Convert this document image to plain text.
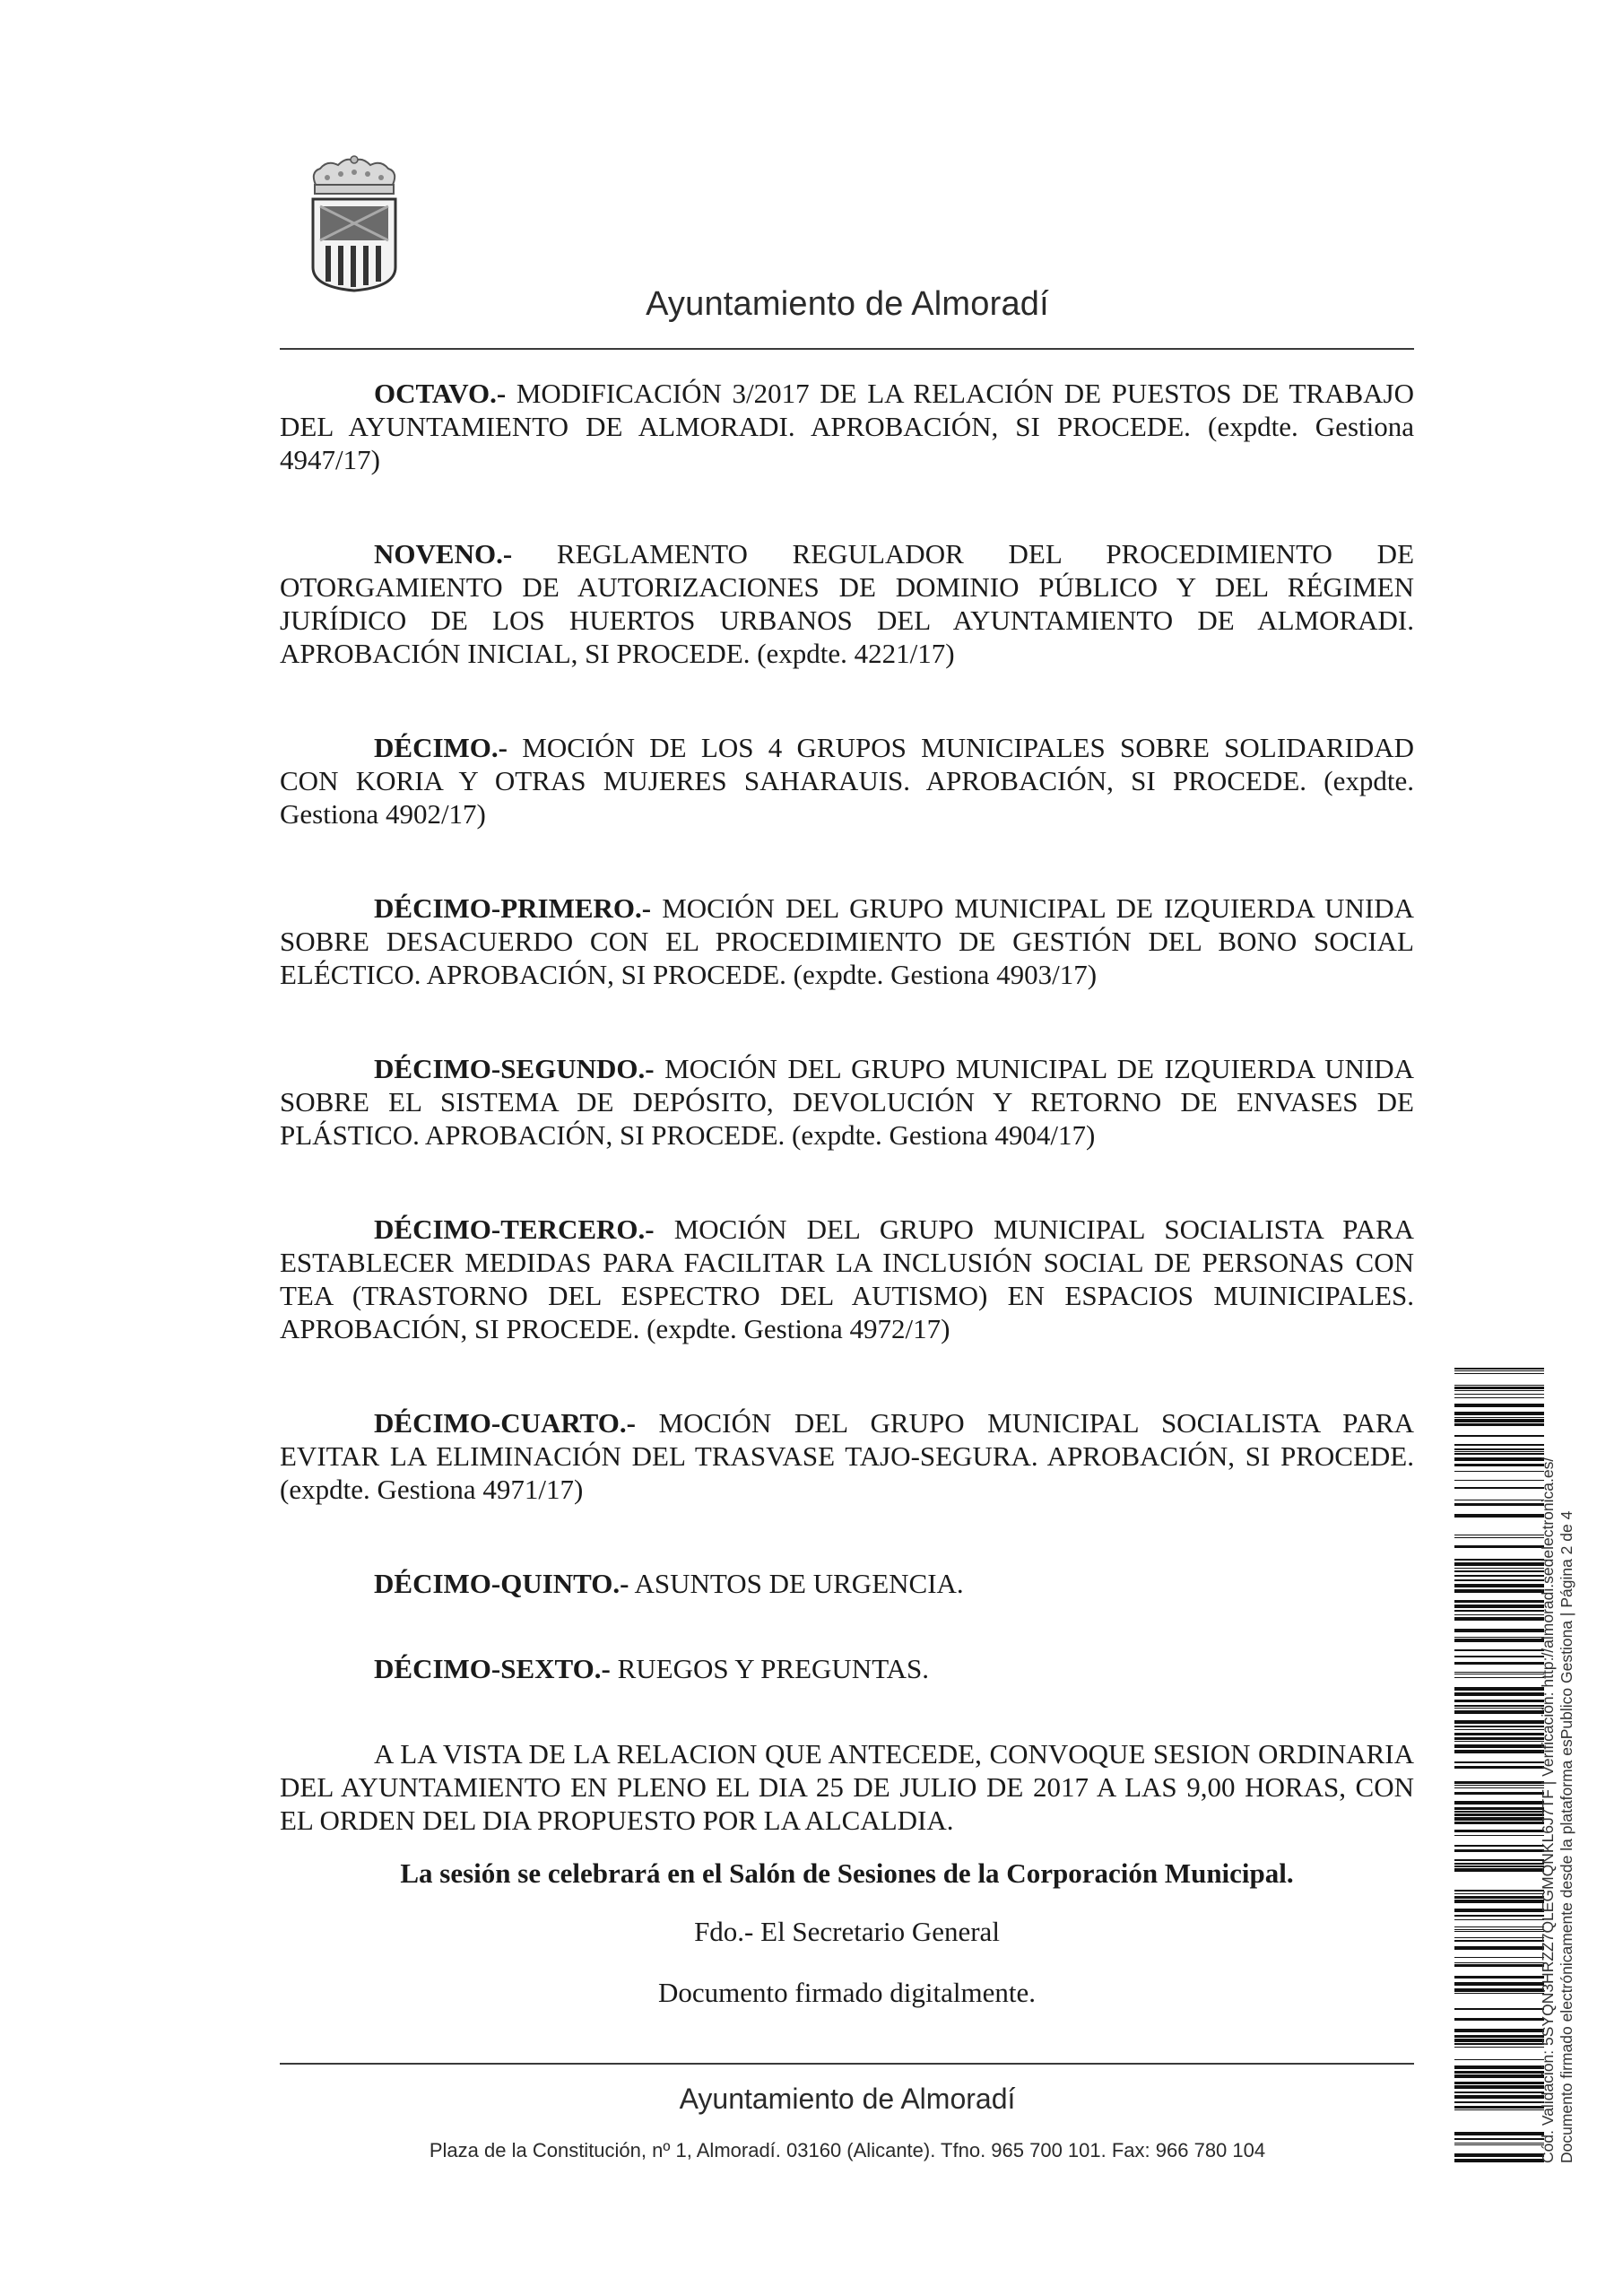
Ayuntamiento de Almoradí

OCTAVO.- MODIFICACIÓN 3/2017 DE LA RELACIÓN DE PUESTOS DE TRABAJO DEL AYUNTAMIENTO DE ALMORADI. APROBACIÓN, SI PROCEDE. (expdte. Gestiona 4947/17)

NOVENO.- REGLAMENTO REGULADOR DEL PROCEDIMIENTO DE OTORGAMIENTO DE AUTORIZACIONES DE DOMINIO PÚBLICO Y DEL RÉGIMEN JURÍDICO DE LOS HUERTOS URBANOS DEL AYUNTAMIENTO DE ALMORADI. APROBACIÓN INICIAL, SI PROCEDE. (expdte. 4221/17)

DÉCIMO.- MOCIÓN DE LOS 4 GRUPOS MUNICIPALES SOBRE SOLIDARIDAD CON KORIA Y OTRAS MUJERES SAHARAUIS. APROBACIÓN, SI PROCEDE. (expdte. Gestiona 4902/17)

DÉCIMO-PRIMERO.- MOCIÓN DEL GRUPO MUNICIPAL DE IZQUIERDA UNIDA SOBRE DESACUERDO CON EL PROCEDIMIENTO DE GESTIÓN DEL BONO SOCIAL ELÉCTICO. APROBACIÓN, SI PROCEDE. (expdte. Gestiona 4903/17)

DÉCIMO-SEGUNDO.- MOCIÓN DEL GRUPO MUNICIPAL DE IZQUIERDA UNIDA SOBRE EL SISTEMA DE DEPÓSITO, DEVOLUCIÓN Y RETORNO DE ENVASES DE PLÁSTICO. APROBACIÓN, SI PROCEDE. (expdte. Gestiona 4904/17)

DÉCIMO-TERCERO.- MOCIÓN DEL GRUPO MUNICIPAL SOCIALISTA PARA ESTABLECER MEDIDAS PARA FACILITAR LA INCLUSIÓN SOCIAL DE PERSONAS CON TEA (TRASTORNO DEL ESPECTRO DEL AUTISMO) EN ESPACIOS MUINICIPALES. APROBACIÓN, SI PROCEDE. (expdte. Gestiona 4972/17)

DÉCIMO-CUARTO.- MOCIÓN DEL GRUPO MUNICIPAL SOCIALISTA PARA EVITAR LA ELIMINACIÓN DEL TRASVASE TAJO-SEGURA. APROBACIÓN, SI PROCEDE. (expdte. Gestiona 4971/17)

DÉCIMO-QUINTO.- ASUNTOS DE URGENCIA.

DÉCIMO-SEXTO.- RUEGOS Y PREGUNTAS.

A LA VISTA DE LA RELACION QUE ANTECEDE, CONVOQUE SESION ORDINARIA DEL AYUNTAMIENTO EN PLENO EL DIA 25 DE JULIO DE 2017 A LAS 9,00 HORAS, CON EL ORDEN DEL DIA PROPUESTO POR LA ALCALDIA.

La sesión se celebrará en el Salón de Sesiones de la Corporación Municipal.

Fdo.- El Secretario General

Documento firmado digitalmente.

Ayuntamiento de Almoradí
Plaza de la Constitución, nº 1, Almoradí. 03160 (Alicante). Tfno. 965 700 101. Fax: 966 780 104	Cód. Validación: 5SYQN3HRZZ7QLEGMQNKL6J7TF | Verificación: http://almoradi.sedelectronica.es/ Documento firmado electrónicamente desde la plataforma esPublico Gestiona | Página 2 de 4
